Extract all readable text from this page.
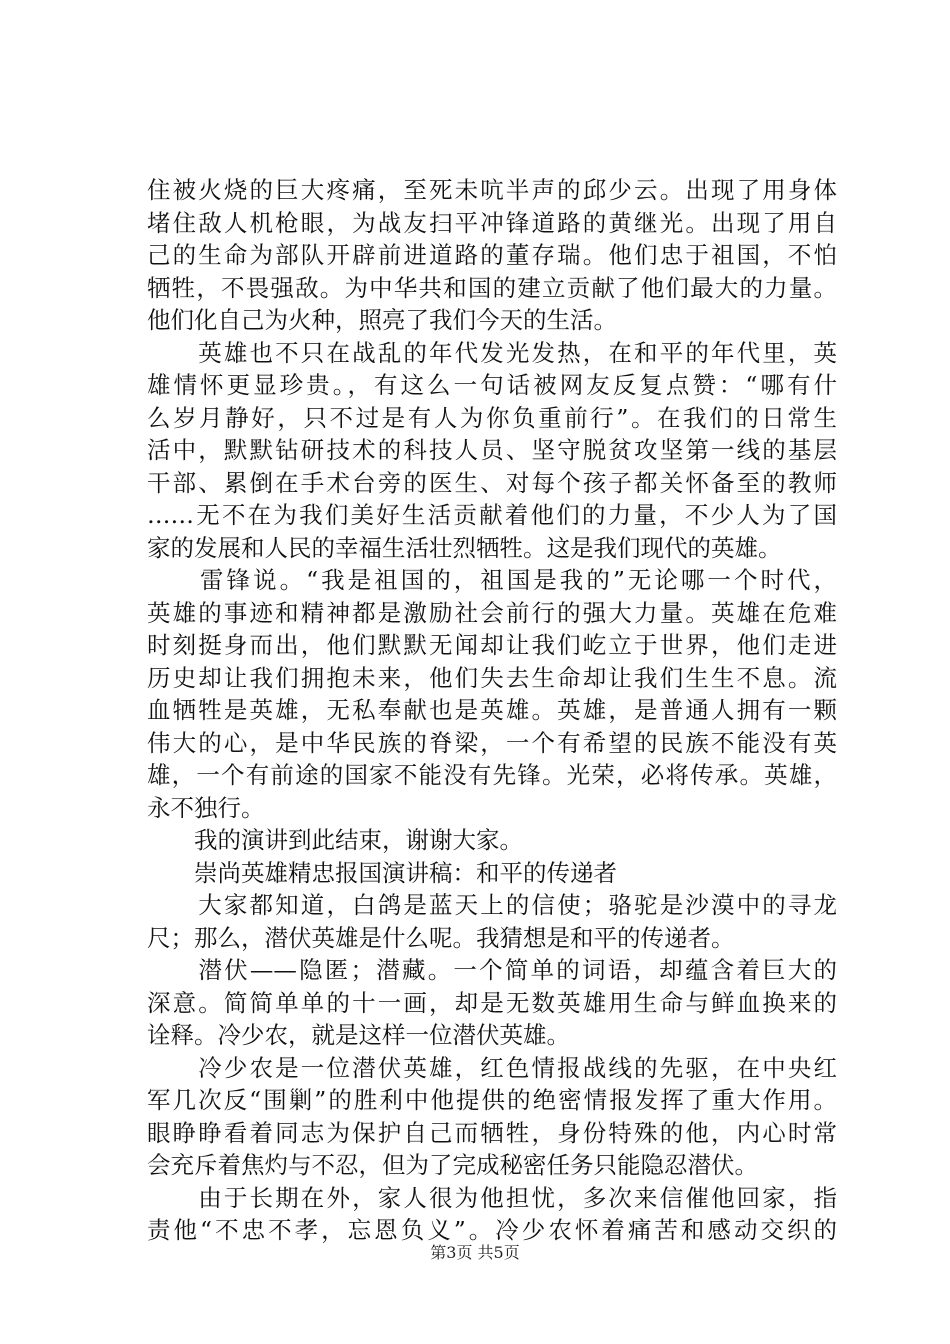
住被火烧的巨大疼痛，至死未吭半声的邱少云。出现了用身体
堵住敌人机枪眼，为战友扫平冲锋道路的黄继光。出现了用自
己的生命为部队开辟前进道路的董存瑞。他们忠于祖国，不怕
牺牲，不畏强敌。为中华共和国的建立贡献了他们最大的力量。
他们化自己为火种，照亮了我们今天的生活。
　　英雄也不只在战乱的年代发光发热，在和平的年代里，英
雄情怀更显珍贵。，有这么一句话被网友反复点赞：“哪有什
么岁月静好，只不过是有人为你负重前行”。在我们的日常生
活中，默默钻研技术的科技人员、坚守脱贫攻坚第一线的基层
干部、累倒在手术台旁的医生、对每个孩子都关怀备至的教师
……无不在为我们美好生活贡献着他们的力量，不少人为了国
家的发展和人民的幸福生活壮烈牺牲。这是我们现代的英雄。
　　雷锋说。“我是祖国的，祖国是我的”无论哪一个时代，
英雄的事迹和精神都是激励社会前行的强大力量。英雄在危难
时刻挺身而出，他们默默无闻却让我们屹立于世界，他们走进
历史却让我们拥抱未来，他们失去生命却让我们生生不息。流
血牺牲是英雄，无私奉献也是英雄。英雄，是普通人拥有一颗
伟大的心，是中华民族的脊梁，一个有希望的民族不能没有英
雄，一个有前途的国家不能没有先锋。光荣，必将传承。英雄，
永不独行。
　　我的演讲到此结束，谢谢大家。
　　崇尚英雄精忠报国演讲稿：和平的传递者
　　大家都知道，白鸽是蓝天上的信使；骆驼是沙漠中的寻龙
尺；那么，潜伏英雄是什么呢。我猜想是和平的传递者。
　　潜伏——隐匿；潜藏。一个简单的词语，却蕴含着巨大的
深意。简简单单的十一画，却是无数英雄用生命与鲜血换来的
诠释。冷少农，就是这样一位潜伏英雄。
　　冷少农是一位潜伏英雄，红色情报战线的先驱，在中央红
军几次反“围剿”的胜利中他提供的绝密情报发挥了重大作用。
眼睁睁看着同志为保护自己而牺牲，身份特殊的他，内心时常
会充斥着焦灼与不忍，但为了完成秘密任务只能隐忍潜伏。
　　由于长期在外，家人很为他担忧，多次来信催他回家，指
责他“不忠不孝，忘恩负义”。冷少农怀着痛苦和感动交织的
第3页 共5页
